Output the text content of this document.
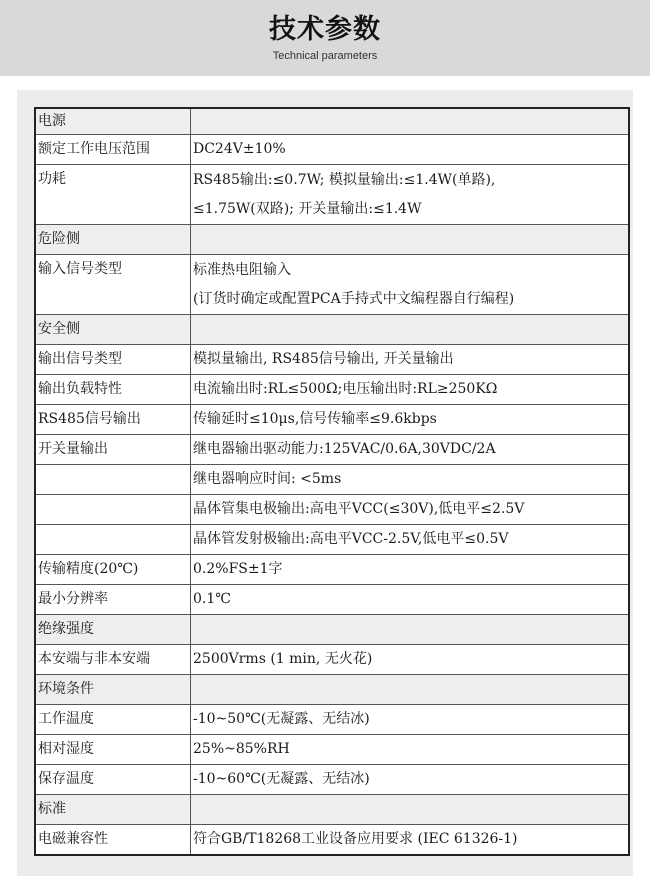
技术参数
Technical parameters
电源	
额定工作电压范围	DC24V±10%

功耗	RS485输出:≤0.7W; 模拟量输出:≤1.4W(单路),
≤1.75W(双路); 开关量输出:≤1.4W

危险侧	

输入信号类型	标准热电阻输入
(订货时确定或配置PCA手持式中文编程器自行编程)

安全侧	
输出信号类型	模拟量输出, RS485信号输出, 开关量输出
输出负载特性	电流输出时:RL≤500Ω;电压输出时:RL≥250KΩ
RS485信号输出	传输延时≤10μs,信号传输率≤9.6kbps
开关量输出	继电器输出驱动能力:125VAC/0.6A,30VDC/2A
	继电器响应时间: <5ms
	晶体管集电极输出:高电平VCC(≤30V),低电平≤2.5V
	晶体管发射极输出:高电平VCC-2.5V,低电平≤0.5V
传输精度(20℃)	0.2%FS±1字
最小分辨率	0.1℃
绝缘强度	
本安端与非本安端	2500Vrms (1 min, 无火花)
环境条件	
工作温度	-10~50℃(无凝露、无结冰)
相对湿度	25%~85%RH
保存温度	-10~60℃(无凝露、无结冰)
标准	
电磁兼容性	符合GB/T18268工业设备应用要求 (IEC 61326-1)
